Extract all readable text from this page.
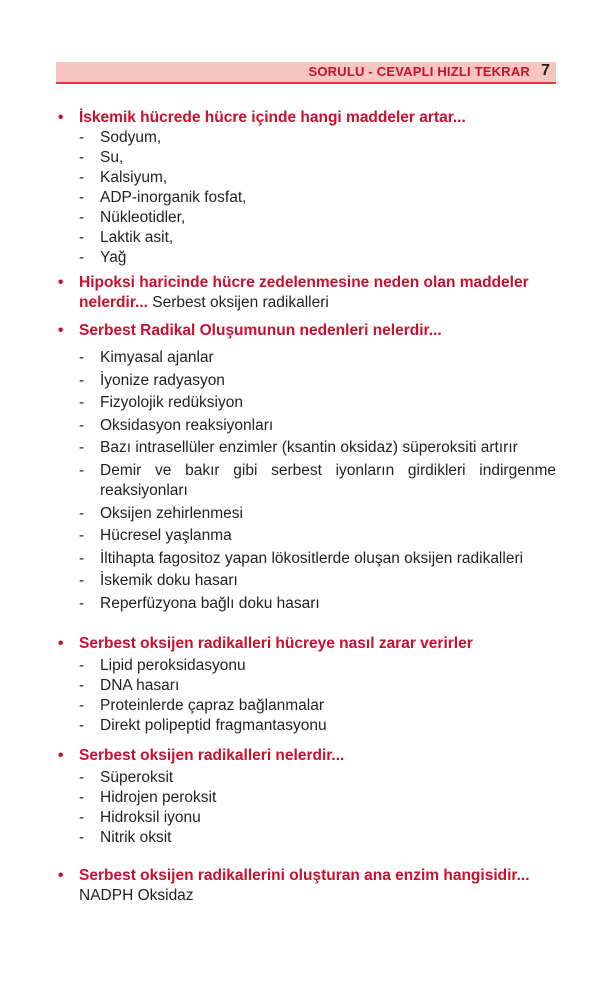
SORULU - CEVAPLI HIZLI TEKRAR 7
• İskemik hücrede hücre içinde hangi maddeler artar...
- Sodyum,
- Su,
- Kalsiyum,
- ADP-inorganik fosfat,
- Nükleotidler,
- Laktik asit,
- Yağ
• Hipoksi haricinde hücre zedelenmesine neden olan maddeler nelerdir... Serbest oksijen radikalleri
• Serbest Radikal Oluşumunun nedenleri nelerdir...
- Kimyasal ajanlar
- İyonize radyasyon
- Fizyolojik redüksiyon
- Oksidasyon reaksiyonları
- Bazı intrasellüler enzimler (ksantin oksidaz) süperoksiti artırır
- Demir ve bakır gibi serbest iyonların girdikleri indirgenme reaksiyonları
- Oksijen zehirlenmesi
- Hücresel yaşlanma
- İltihapta fagositoz yapan lökositlerde oluşan oksijen radikalleri
- İskemik doku hasarı
- Reperfüzyona bağlı doku hasarı
• Serbest oksijen radikalleri hücreye nasıl zarar verirler
- Lipid peroksidasyonu
- DNA hasarı
- Proteinlerde çapraz bağlanmalar
- Direkt polipeptid fragmantasyonu
• Serbest oksijen radikalleri nelerdir...
- Süperoksit
- Hidrojen peroksit
- Hidroksil iyonu
- Nitrik oksit
• Serbest oksijen radikallerini oluşturan ana enzim hangisidir...
NADPH Oksidaz
